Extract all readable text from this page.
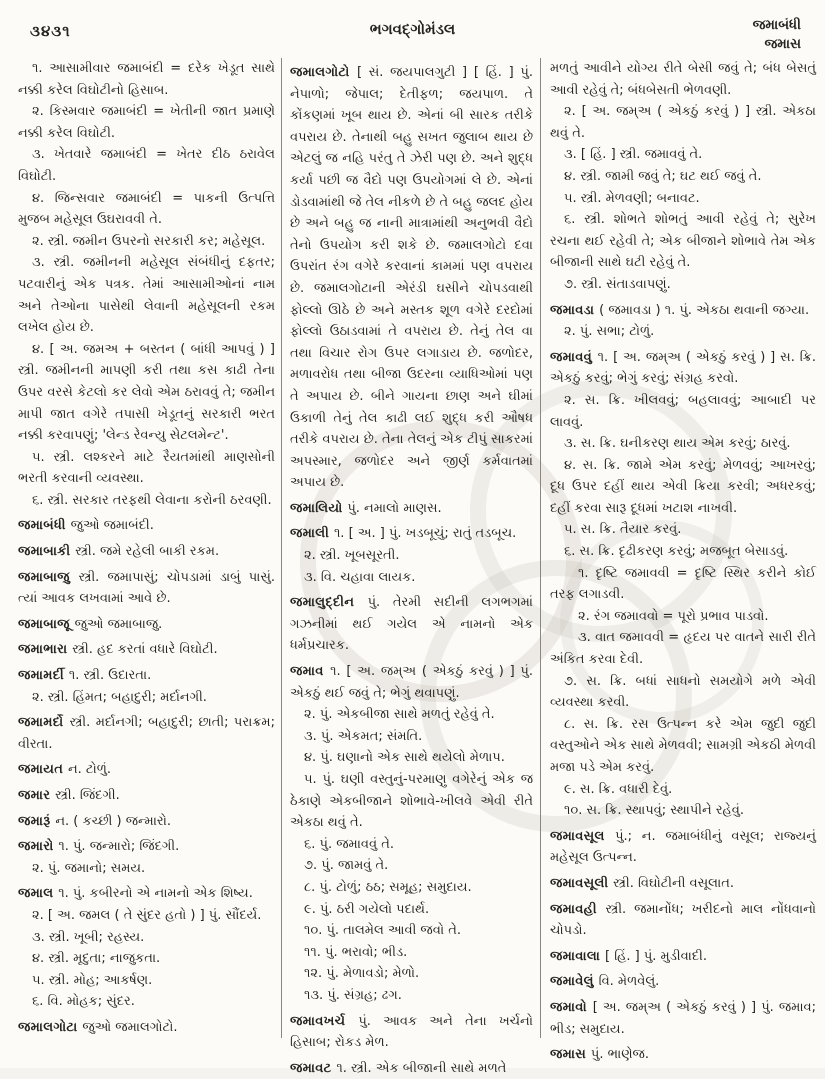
૩૪૩૧	ભગવદ્ગોમંડલ	જમાબંધી
જમાસ

૧. આસામીવાર જમાબંદી = દરેક ખેડૂત સાથે નક્કી કરેલ વિઘોટીનો હિસાબ.

૨. કિસ્મવાર જમાબંદી = ખેતીની જાત પ્રમાણે નક્કી કરેલ વિઘોટી.

૩. ખેતવારે જમાબંદી = ખેતર દીઠ ઠરાવેલ વિઘોટી.

૪. જિન્સવાર જમાબંદી = પાકની ઉત્પત્તિ મુજબ મહેસૂલ ઉઘરાવવી તે.

૨. સ્ત્રી. જમીન ઉપરનો સરકારી કર; મહેસૂલ.

૩. સ્ત્રી. જમીનની મહેસૂલ સંબંધીનું દફતર; પટવારીનું એક પત્રક. તેમાં આસામીઓનાં નામ અને તેઓના પાસેથી લેવાની મહેસૂલની રકમ લખેલ હોય છે.

૪. [ અ. જમઅ + બસ્તન ( બાંધી આપવું ) ] સ્ત્રી. જમીનની માપણી કરી તથા કસ કાઢી તેના ઉપર વરસે કેટલો કર લેવો એમ ઠરાવવું તે; જમીન માપી જાત વગેરે તપાસી ખેડૂતનું સરકારી ભરત નક્કી કરવાપણું; 'લેન્ડ રેવન્યુ સેટલમેન્ટ'.

૫. સ્ત્રી. લશ્કરને માટે રૈયતમાંથી માણસોની ભરતી કરવાની વ્યવસ્થા.

૬. સ્ત્રી. સરકાર તરફથી લેવાના કરોની ઠરવણી.

જમાબંધી જુઓ જમાબંદી.

જમાબાકી સ્ત્રી. જમે રહેલી બાકી રકમ.

જમાબાજુ સ્ત્રી. જમાપાસું; ચોપડામાં ડાબું પાસું. ત્યાં આવક લખવામાં આવે છે.

જમાબાજૂ જુઓ જમાબાજુ.

જમાભારા સ્ત્રી. હદ કરતાં વધારે વિઘોટી.

જમામર્દી ૧. સ્ત્રી. ઉદારતા.

૨. સ્ત્રી. હિંમત; બહાદુરી; મર્દાનગી.

જમામર્દો સ્ત્રી. મર્દાનગી; બહાદુરી; છાતી; પરાક્રમ; વીરતા.

જમાયત ન. ટોળું.

જમાર સ્ત્રી. જિંદગી.

જમારૂં ન. ( કચ્છી ) જન્મારો.

જમારો ૧. પું. જન્મારો; જિંદગી.

૨. પું. જમાનો; સમય.

જમાલ ૧. પું. કબીરનો એ નામનો એક શિષ્ય.

૨. [ અ. જમલ ( તે સુંદર હતો ) ] પું. સૌંદર્ય.

૩. સ્ત્રી. ખૂબી; રહસ્ય.

૪. સ્ત્રી. મૃદુતા; નાજુકતા.

૫. સ્ત્રી. મોહ; આકર્ષણ.

૬. વિ. મોહક; સુંદર.

જમાલગોટા જુઓ જમાલગોટો.

જમાલગોટો [ સં. જયપાલગુટી ] [ હિં. ] પું. નેપાળો; જેપાલ; દેતીફળ; જયપાળ. તે કોંકણમાં ખૂબ થાય છે. એનાં બી સારક તરીકે વપરાય છે. તેનાથી બહુ સખત જુલાબ થાય છે એટલું જ નહિ પરંતુ તે ઝેરી પણ છે. અને શુદ્ધ કર્યા પછી જ વૈદો પણ ઉપયોગમાં લે છે. એનાં ડોડવામાંથી જે તેલ નીકળે છે તે બહુ જલદ હોય છે અને બહુ જ નાની માત્રામાંથી અનુભવી વૈદો તેનો ઉપયોગ કરી શકે છે. જમાલગોટો દવા ઉપરાંત રંગ વગેરે કરવાનાં કામમાં પણ વપરાય છે. જમાલગોટાની એરંડી ઘસીને ચોપડવાથી ફોલ્લો ઊઠે છે અને મસ્તક શૂળ વગેરે દરદોમાં ફોલ્લો ઉઠાડવામાં તે વપરાય છે. તેનું તેલ વા તથા વિચાર રોગ ઉપર લગાડાય છે. જળોદર, મળાવરોધ તથા બીજા ઉદરના વ્યાધિઓમાં પણ તે અપાય છે. બીને ગાયના છાણ અને ઘીમાં ઉકાળી તેનું તેલ કાઢી લઈ શુદ્ધ કરી ઔષધ તરીકે વપરાય છે. તેના તેલનું એક ટીપું સાકરમાં અપસ્માર, જળોદર અને જીર્ણ કર્મવાતમાં અપાય છે.

જમાલિયો પું. નમાલો માણસ.

જમાલી ૧. [ અ. ] પું. ખડબૂચું; રાતું તડબૂચ.

૨. સ્ત્રી. ખૂબસૂરતી.

૩. વિ. ચહાવા લાયક.

જમાલુદ્દીન પું. તેરમી સદીની લગભગમાં ગઝનીમાં થઈ ગયેલ એ નામનો એક ધર્મપ્રચારક.

જમાવ ૧. [ અ. જમ્અ ( એકઠું કરવું ) ] પું. એકઠું થઈ જવું તે; ભેગું થવાપણું.

૨. પું. એકબીજા સાથે મળતું રહેવું તે.

૩. પું. એકમત; સંમતિ.

૪. પું. ઘણાનો એક સાથે થયેલો મેળાપ.

૫. પું. ઘણી વસ્તુનું-પરમાણુ વગેરેનું એક જ ઠેકાણે એકબીજાને શોભાવે-ખીલવે એવી રીતે એકઠા થવું તે.

૬. પું. જમાવવું તે.

૭. પું. જામવું તે.

૮. પું. ટોળું; ઠઠ; સમૂહ; સમુદાય.

૯. પું. ઠરી ગયેલો પદાર્થ.

૧૦. પું. તાલમેલ આવી જવો તે.

૧૧. પું. ભરાવો; ભીડ.

૧૨. પું. મેળાવડો; મેળો.

૧૩. પું. સંગ્રહ; ઢગ.

જમાવખર્ચ પું. આવક અને તેના ખર્ચનો હિસાબ; રોકડ મેળ.

જમાવટ ૧. સ્ત્રી. એક બીજાની સાથે મળતે

મળતું આવીને યોગ્ય રીતે બેસી જવું તે; બંધ બેસતું આવી રહેવું તે; બંધબેસતી ભેળવણી.

૨. [ અ. જમ્અ ( એકઠું કરવું ) ] સ્ત્રી. એકઠા થવું તે.

૩. [ હિં. ] સ્ત્રી. જમાવવું તે.

૪. સ્ત્રી. જામી જવું તે; ઘટ થઈ જવું તે.

૫. સ્ત્રી. મેળવણી; બનાવટ.

૬. સ્ત્રી. શોભતે શોભતું આવી રહેવું તે; સુરેખ રચના થઈ રહેવી તે; એક બીજાને શોભાવે તેમ એક બીજાની સાથે ઘટી રહેવું તે.

૭. સ્ત્રી. સંતાડવાપણું.

જમાવડા ( જમાવડા ) ૧. પું. એકઠા થવાની જગ્યા.

૨. પું. સભા; ટોળું.

જમાવવું ૧. [ અ. જમ્અ ( એકઠું કરવું ) ] સ. ક્રિ. એકઠું કરવું; ભેગું કરવું; સંગ્રહ કરવો.

૨. સ. ક્રિ. ખીલવવું; બહલાવવું; આબાદી પર લાવવું.

૩. સ. ક્રિ. ઘનીકરણ થાય એમ કરવું; ઠારવું.

૪. સ. ક્રિ. જામે એમ કરવું; મેળવવું; આખરવું; દૂધ ઉપર દહીં થાય એવી ક્રિયા કરવી; અધરકવું; દહીં કરવા સારૂ દૂધમાં ખટાશ નાખવી.

૫. સ. ક્રિ. તૈયાર કરવું.

૬. સ. ક્રિ. દૃઢીકરણ કરવું; મજબૂત બેસાડવું.

૧. દૃષ્ટિ જમાવવી = દૃષ્ટિ સ્થિર કરીને કોઈ તરફ લગાડવી.

૨. રંગ જમાવવો = પૂરો પ્રભાવ પાડવો.

૩. વાત જમાવવી = હૃદય પર વાતને સારી રીતે અંકિત કરવા દેવી.

૭. સ. ક્રિ. બધાં સાધનો સમયોગે મળે એવી વ્યવસ્થા કરવી.

૮. સ. ક્રિ. રસ ઉત્પન્ન કરે એમ જુદી જુદી વસ્તુઓને એક સાથે મેળવવી; સામગ્રી એકઠી મેળવી મજા પડે એમ કરવું.

૯. સ. ક્રિ. વધારી દેવું.

૧૦. સ. ક્રિ. સ્થાપવું; સ્થાપીને રહેવું.

જમાવસૂલ પું.; ન. જમાબંધીનું વસૂલ; રાજ્યનું મહેસૂલ ઉત્પન્ન.

જમાવસૂલી સ્ત્રી. વિઘોટીની વસૂલાત.

જમાવહી સ્ત્રી. જમાનોંધ; ખરીદનો માલ નોંધવાનો ચોપડો.

જમાવાલા [ હિં. ] પું. મુડીવાદી.

જમાવેલું વિ. મેળવેલું.

જમાવો [ અ. જમ્અ ( એકઠું કરવું ) ] પું. જમાવ; ભીડ; સમુદાય.

જમાસ પું. ભાણેજ.
